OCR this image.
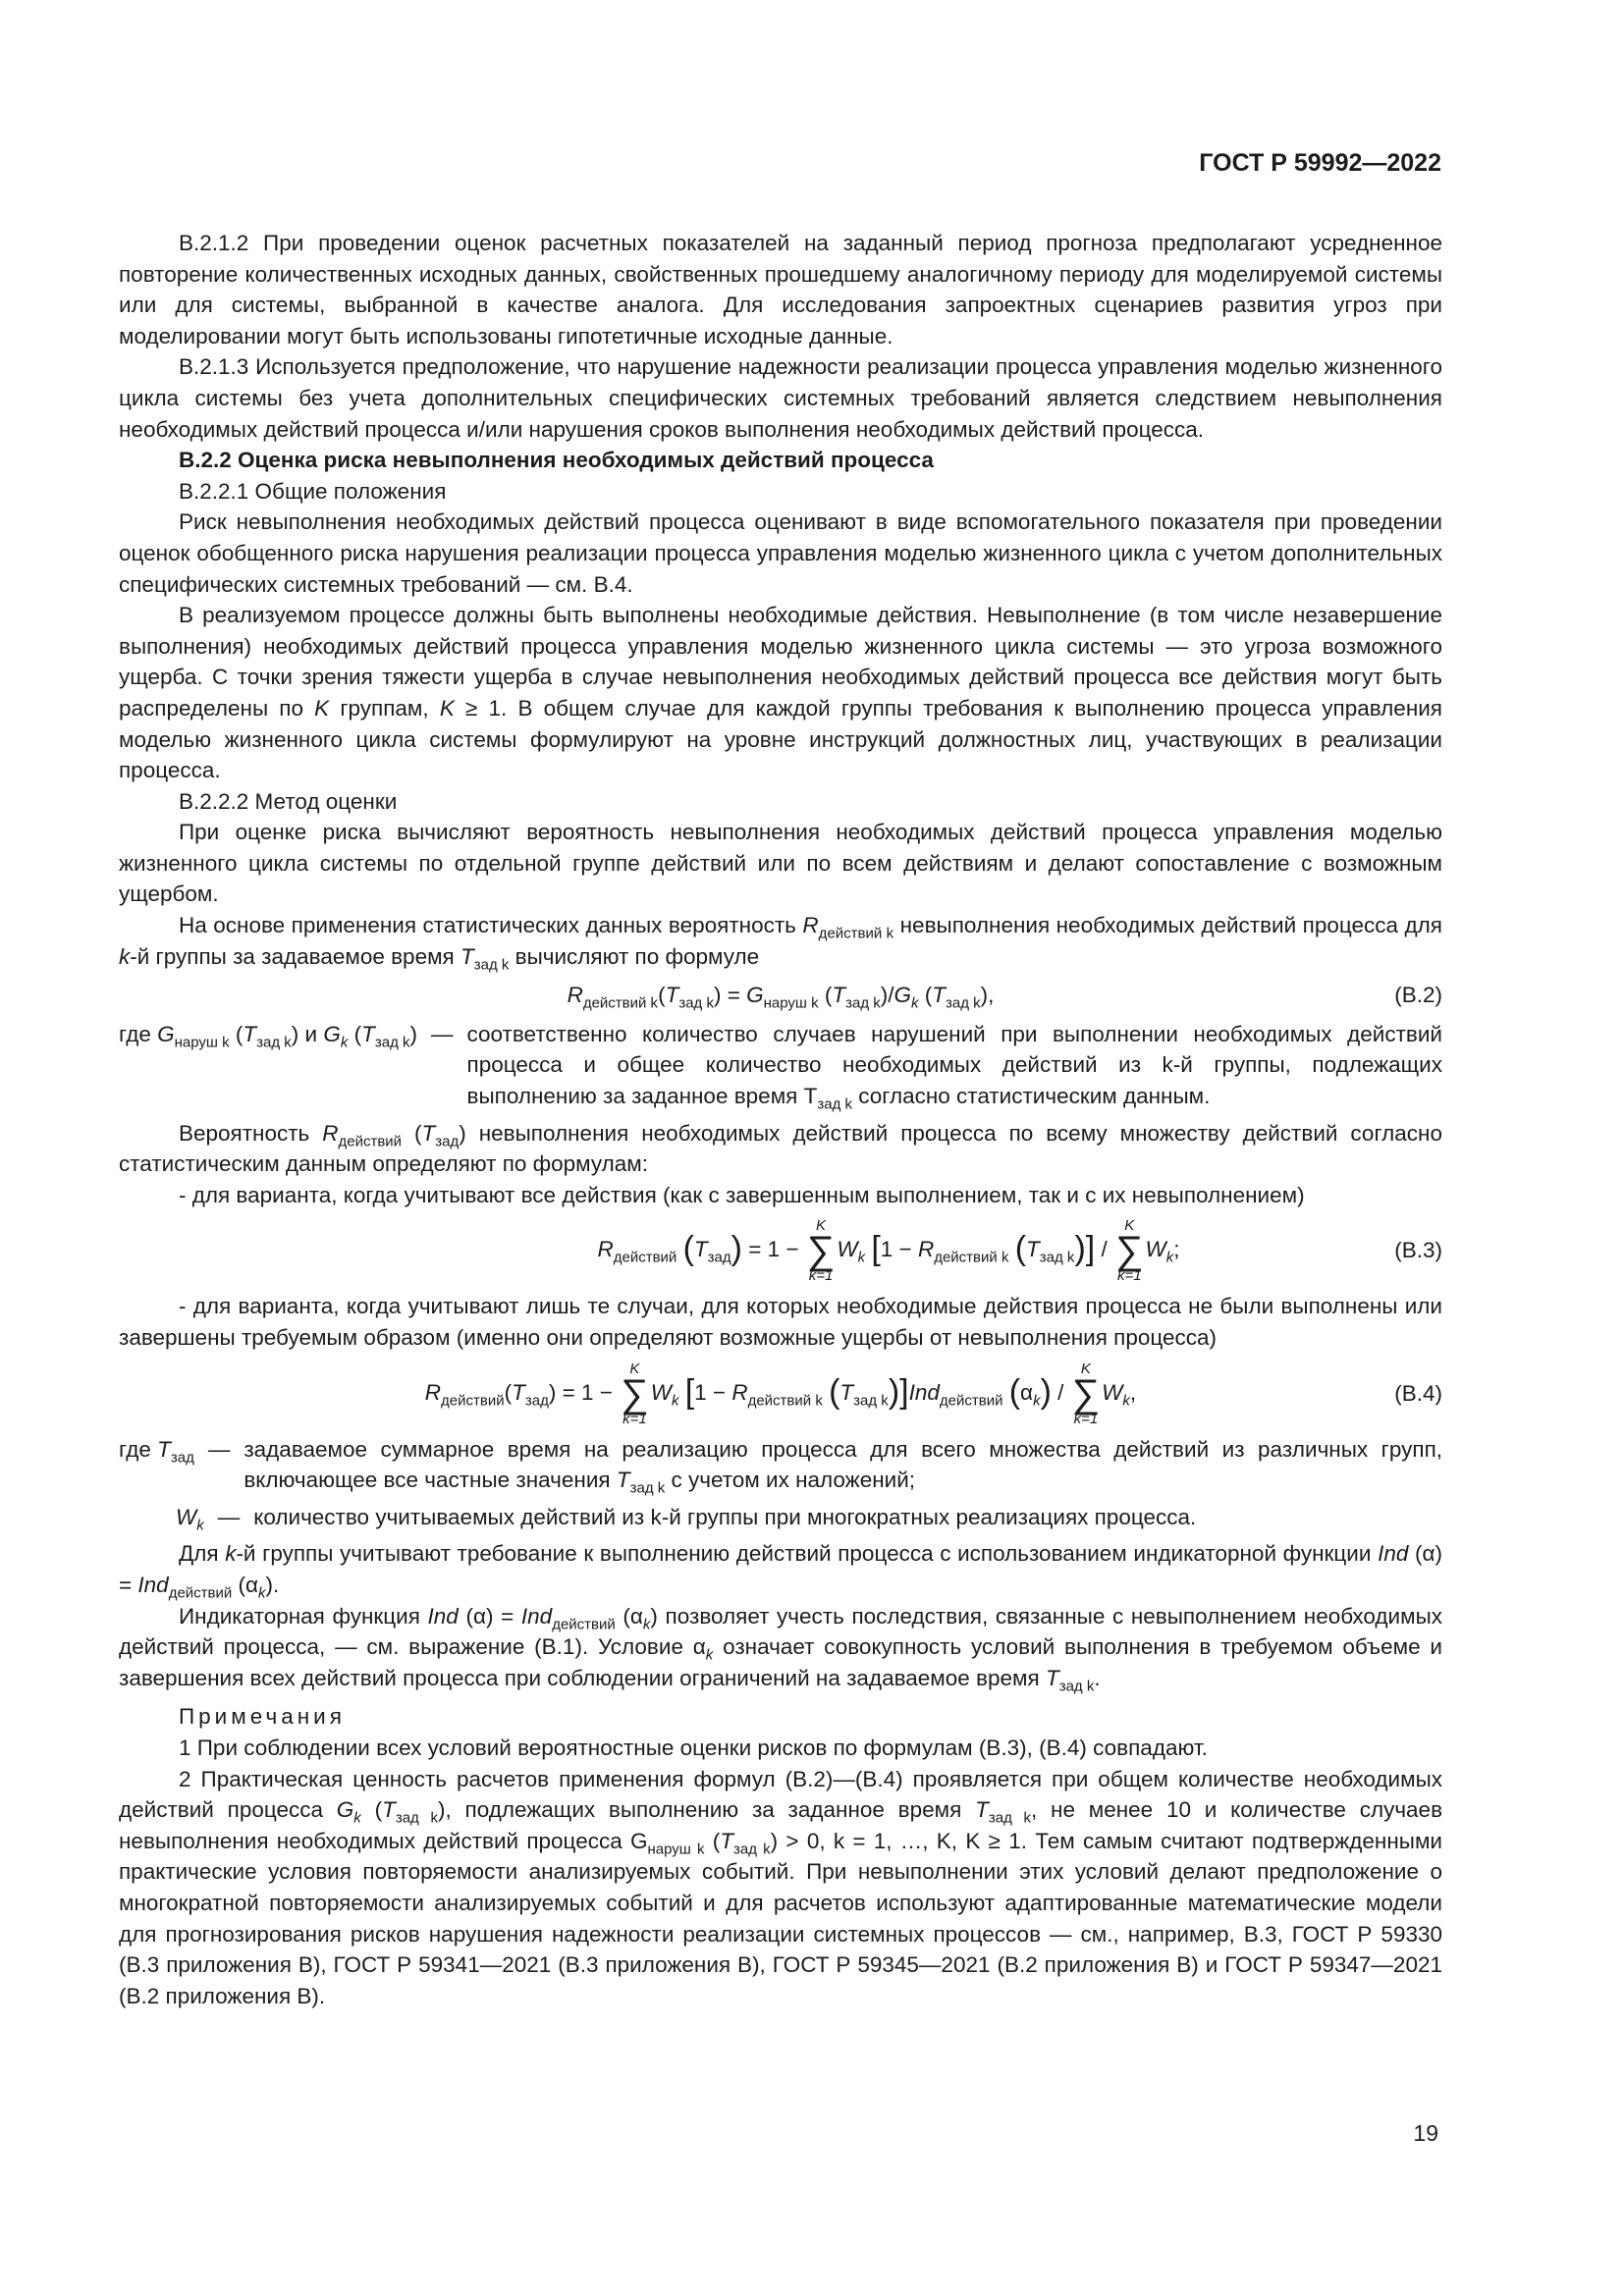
ГОСТ Р 59992—2022

В.2.1.2 При проведении оценок расчетных показателей на заданный период прогноза предполагают усредненное повторение количественных исходных данных, свойственных прошедшему аналогичному периоду для моделируемой системы или для системы, выбранной в качестве аналога. Для исследования запроектных сценариев развития угроз при моделировании могут быть использованы гипотетичные исходные данные.

В.2.1.3 Используется предположение, что нарушение надежности реализации процесса управления моделью жизненного цикла системы без учета дополнительных специфических системных требований является следствием невыполнения необходимых действий процесса и/или нарушения сроков выполнения необходимых действий процесса.

В.2.2 Оценка риска невыполнения необходимых действий процесса

В.2.2.1 Общие положения

Риск невыполнения необходимых действий процесса оценивают в виде вспомогательного показателя при проведении оценок обобщенного риска нарушения реализации процесса управления моделью жизненного цикла с учетом дополнительных специфических системных требований — см. В.4.

В реализуемом процессе должны быть выполнены необходимые действия. Невыполнение (в том числе незавершение выполнения) необходимых действий процесса управления моделью жизненного цикла системы — это угроза возможного ущерба. С точки зрения тяжести ущерба в случае невыполнения необходимых действий процесса все действия могут быть распределены по K группам, K ≥ 1. В общем случае для каждой группы требования к выполнению процесса управления моделью жизненного цикла системы формулируют на уровне инструкций должностных лиц, участвующих в реализации процесса.

В.2.2.2 Метод оценки

При оценке риска вычисляют вероятность невыполнения необходимых действий процесса управления моделью жизненного цикла системы по отдельной группе действий или по всем действиям и делают сопоставление с возможным ущербом.

На основе применения статистических данных вероятность $R_{действий k}$ невыполнения необходимых действий процесса для k-й группы за задаваемое время $T_{зад k}$ вычисляют по формуле

$R_{действий k}(T_{зад k}) = G_{наруш k}$ $(T_{зад k})/G_k$ $(T_{зад k})$,	(В.2)
где $G_{наруш k}$ $(T_{зад k})$ и $G_k$ $(T_{зад k})$ — соответственно количество случаев нарушений при выполнении необходимых действий процесса и общее количество необходимых действий из k-й группы, подлежащих выполнению за заданное время $T_{зад k}$ согласно статистическим данным.

Вероятность $R_{действий}$ $(T_{зад})$ невыполнения необходимых действий процесса по всему множеству действий согласно статистическим данным определяют по формулам:

- для варианта, когда учитывают все действия (как с завершенным выполнением, так и с их невыполнением)

$R_{действий}$ $(T_{зад}) = 1$ −
K
∑
k=1
$W_k$ [$1 - R_{действий k}$ $(T_{зад k})$] /
K
∑
k=1
$W_k$;	(В.3)

- для варианта, когда учитывают лишь те случаи, для которых необходимые действия процесса не были выполнены или завершены требуемым образом (именно они определяют возможные ущербы от невыполнения процесса)

$R_{действий}(T_{зад}) = 1$ −
K
∑
k=1
$W_k$ [$1 - R_{действий k}$ $(T_{зад k})]Ind_{действий}$ $(\alpha_k)$ /
K
∑
k=1
$W_k$,	(В.4)
где $T_{зад}$ — задаваемое суммарное время на реализацию процесса для всего множества действий из различных групп, включающее все частные значения $T_{зад k}$ с учетом их наложений;
$W_k$ — количество учитываемых действий из k-й группы при многократных реализациях процесса.

Для k-й группы учитывают требование к выполнению действий процесса с использованием индикаторной функции Ind (α) = Ind$_{действий}$ $(\alpha_k)$.

Индикаторная функция Ind (α) = Ind$_{действий}$ $(\alpha_k)$ позволяет учесть последствия, связанные с невыполнением необходимых действий процесса, — см. выражение (В.1). Условие $\alpha_k$ означает совокупность условий выполнения в требуемом объеме и завершения всех действий процесса при соблюдении ограничений на задаваемое время $T_{зад k}$.

Примечания

1 При соблюдении всех условий вероятностные оценки рисков по формулам (В.3), (В.4) совпадают.

2 Практическая ценность расчетов применения формул (В.2)—(В.4) проявляется при общем количестве необходимых действий процесса $G_k$ $(T_{зад k})$, подлежащих выполнению за заданное время $T_{зад k}$, не менее 10 и количестве случаев невыполнения необходимых действий процесса $G_{наруш k}$ $(T_{зад k}) > 0$, k = 1, …, K, K ≥ 1. Тем самым считают подтвержденными практические условия повторяемости анализируемых событий. При невыполнении этих условий делают предположение о многократной повторяемости анализируемых событий и для расчетов используют адаптированные математические модели для прогнозирования рисков нарушения надежности реализации системных процессов — см., например, В.3, ГОСТ Р 59330 (В.3 приложения В), ГОСТ Р 59341—2021 (В.3 приложения В), ГОСТ Р 59345—2021 (В.2 приложения В) и ГОСТ Р 59347—2021 (В.2 приложения В).

19
